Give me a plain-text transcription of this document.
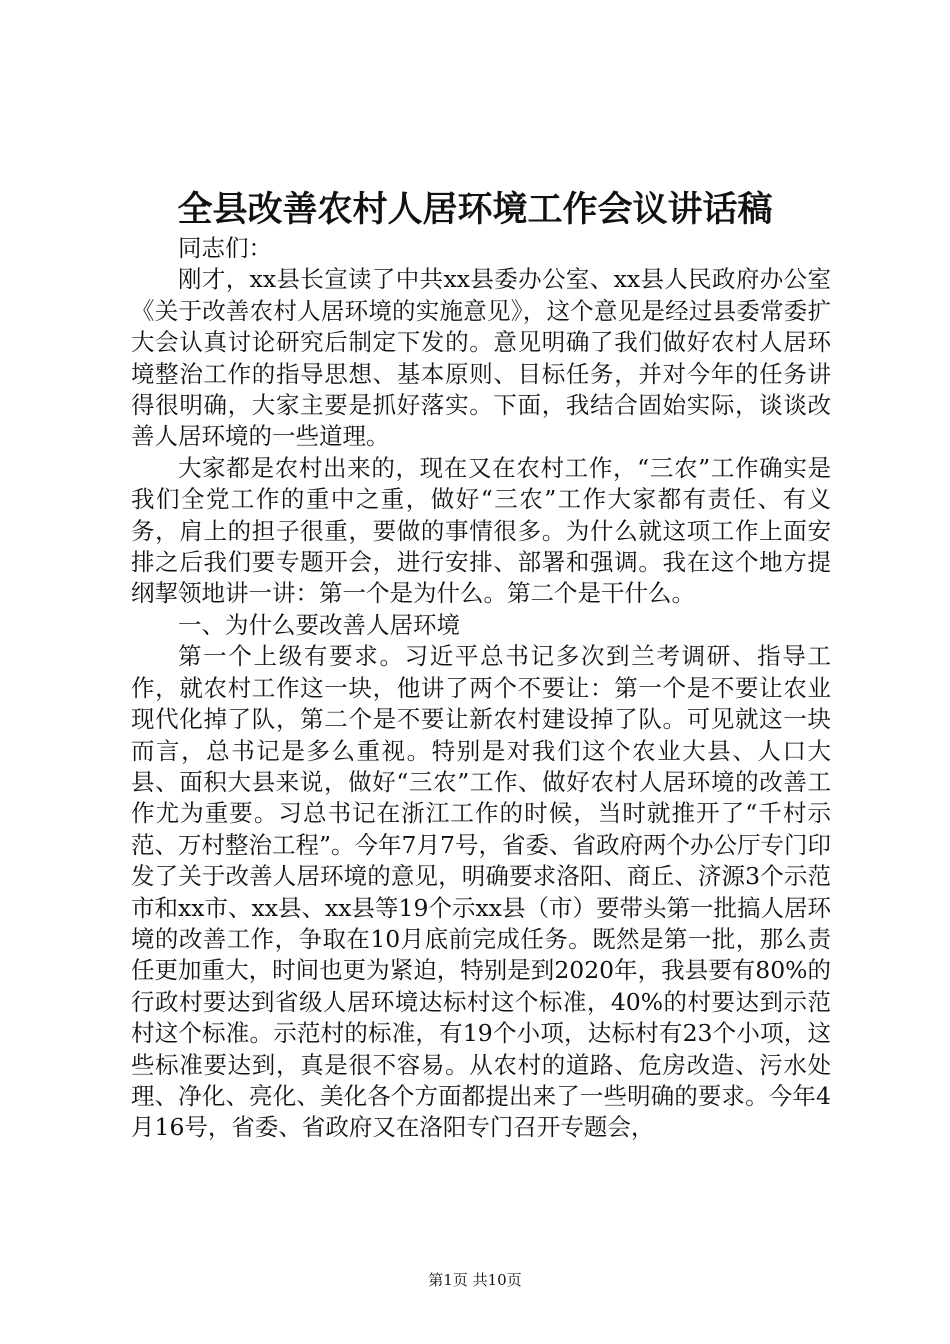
全县改善农村人居环境工作会议讲话稿

同志们：

刚才，xx县长宣读了中共xx县委办公室、xx县人民政府办公室《关于改善农村人居环境的实施意见》，这个意见是经过县委常委扩大会认真讨论研究后制定下发的。意见明确了我们做好农村人居环境整治工作的指导思想、基本原则、目标任务，并对今年的任务讲得很明确，大家主要是抓好落实。下面，我结合固始实际，谈谈改善人居环境的一些道理。

大家都是农村出来的，现在又在农村工作，“三农”工作确实是我们全党工作的重中之重，做好“三农”工作大家都有责任、有义务，肩上的担子很重，要做的事情很多。为什么就这项工作上面安排之后我们要专题开会，进行安排、部署和强调。我在这个地方提纲挈领地讲一讲：第一个是为什么。第二个是干什么。

一、为什么要改善人居环境

第一个上级有要求。习近平总书记多次到兰考调研、指导工作，就农村工作这一块，他讲了两个不要让：第一个是不要让农业现代化掉了队，第二个是不要让新农村建设掉了队。可见就这一块而言，总书记是多么重视。特别是对我们这个农业大县、人口大县、面积大县来说，做好“三农”工作、做好农村人居环境的改善工作尤为重要。习总书记在浙江工作的时候，当时就推开了“千村示范、万村整治工程”。今年7月7号，省委、省政府两个办公厅专门印发了关于改善人居环境的意见，明确要求洛阳、商丘、济源3个示范市和xx市、xx县、xx县等19个示xx县（市）要带头第一批搞人居环境的改善工作，争取在10月底前完成任务。既然是第一批，那么责任更加重大，时间也更为紧迫，特别是到2020年，我县要有80%的行政村要达到省级人居环境达标村这个标准，40%的村要达到示范村这个标准。示范村的标准，有19个小项，达标村有23个小项，这些标准要达到，真是很不容易。从农村的道路、危房改造、污水处理、净化、亮化、美化各个方面都提出来了一些明确的要求。今年4月16号，省委、省政府又在洛阳专门召开专题会，

第1页 共10页
